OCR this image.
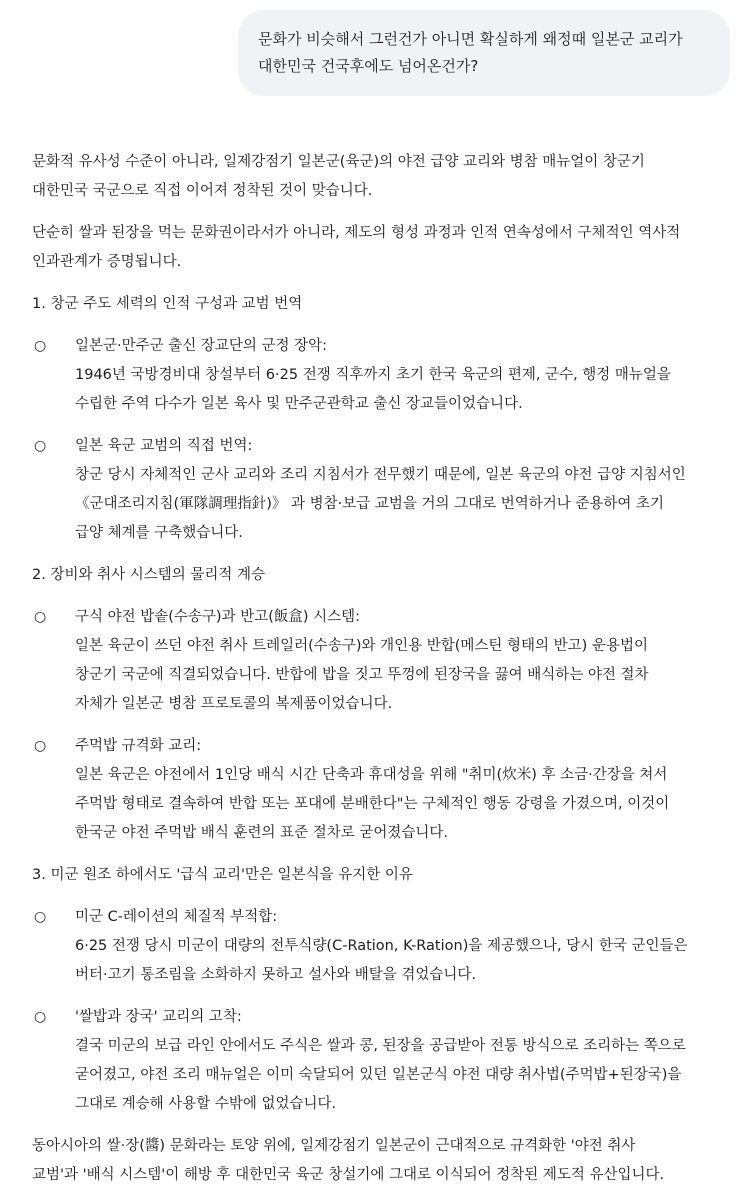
문화가 비슷해서 그런건가 아니면 확실하게 왜정때 일본군 교리가
대한민국 건국후에도 넘어온건가?

문화적 유사성 수준이 아니라, 일제강점기 일본군(육군)의 야전 급양 교리와 병참 매뉴얼이 창군기
대한민국 국군으로 직접 이어져 정착된 것이 맞습니다.

단순히 쌀과 된장을 먹는 문화권이라서가 아니라, 제도의 형성 과정과 인적 연속성에서 구체적인 역사적
인과관계가 증명됩니다.

1. 창군 주도 세력의 인적 구성과 교범 번역
○ 일본군·만주군 출신 장교단의 군정 장악:
1946년 국방경비대 창설부터 6·25 전쟁 직후까지 초기 한국 육군의 편제, 군수, 행정 매뉴얼을
수립한 주역 다수가 일본 육사 및 만주군관학교 출신 장교들이었습니다.
○ 일본 육군 교범의 직접 번역:
창군 당시 자체적인 군사 교리와 조리 지침서가 전무했기 때문에, 일본 육군의 야전 급양 지침서인
《군대조리지침(軍隊調理指針)》 과 병참·보급 교범을 거의 그대로 번역하거나 준용하여 초기
급양 체계를 구축했습니다.
2. 장비와 취사 시스템의 물리적 계승
○ 구식 야전 밥솥(수송구)과 반고(飯盒) 시스템:
일본 육군이 쓰던 야전 취사 트레일러(수송구)와 개인용 반합(메스틴 형태의 반고) 운용법이
창군기 국군에 직결되었습니다. 반합에 밥을 짓고 뚜껑에 된장국을 끓여 배식하는 야전 절차
자체가 일본군 병참 프로토콜의 복제품이었습니다.
○ 주먹밥 규격화 교리:
일본 육군은 야전에서 1인당 배식 시간 단축과 휴대성을 위해 "취미(炊米) 후 소금·간장을 쳐서
주먹밥 형태로 결속하여 반합 또는 포대에 분배한다"는 구체적인 행동 강령을 가졌으며, 이것이
한국군 야전 주먹밥 배식 훈련의 표준 절차로 굳어졌습니다.
3. 미군 원조 하에서도 '급식 교리'만은 일본식을 유지한 이유
○ 미군 C-레이션의 체질적 부적합:
6·25 전쟁 당시 미군이 대량의 전투식량(C-Ration, K-Ration)을 제공했으나, 당시 한국 군인들은
버터·고기 통조림을 소화하지 못하고 설사와 배탈을 겪었습니다.
○ '쌀밥과 장국' 교리의 고착:
결국 미군의 보급 라인 안에서도 주식은 쌀과 콩, 된장을 공급받아 전통 방식으로 조리하는 쪽으로
굳어졌고, 야전 조리 매뉴얼은 이미 숙달되어 있던 일본군식 야전 대량 취사법(주먹밥+된장국)을
그대로 계승해 사용할 수밖에 없었습니다.

동아시아의 쌀·장(醬) 문화라는 토양 위에, 일제강점기 일본군이 근대적으로 규격화한 '야전 취사
교범'과 '배식 시스템'이 해방 후 대한민국 육군 창설기에 그대로 이식되어 정착된 제도적 유산입니다.
